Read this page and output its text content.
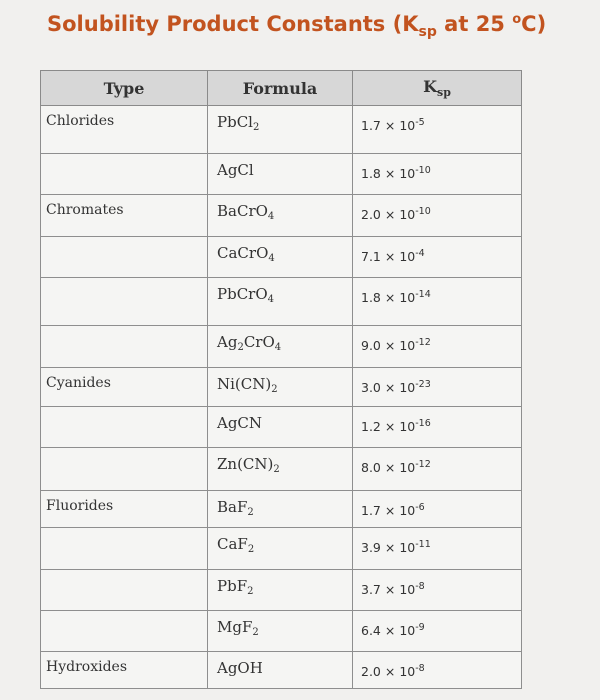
Solubility Product Constants ($K_{sp}$ at 25 $^o$C)
Type	Formula	$K_{sp}$
Chlorides	PbCl$_2$	$1.7 \times 10^{-5}$
	AgCl	$1.8 \times 10^{-10}$
Chromates	BaCrO$_4$	$2.0 \times 10^{-10}$
	CaCrO$_4$	$7.1 \times 10^{-4}$
	PbCrO$_4$	$1.8 \times 10^{-14}$
	$Ag_2CrO_4$	$9.0 \times 10^{-12}$
Cyanides	$Ni(CN)_2$	$3.0 \times 10^{-23}$
	AgCN	$1.2 \times 10^{-16}$
	$Zn(CN)_2$	$8.0 \times 10^{-12}$
Fluorides	BaF$_2$	$1.7 \times 10^{-6}$
	CaF$_2$	$3.9 \times 10^{-11}$
	PbF$_2$	$3.7 \times 10^{-8}$
	MgF$_2$	$6.4 \times 10^{-9}$
Hydroxides	AgOH	$2.0 \times 10^{-8}$
